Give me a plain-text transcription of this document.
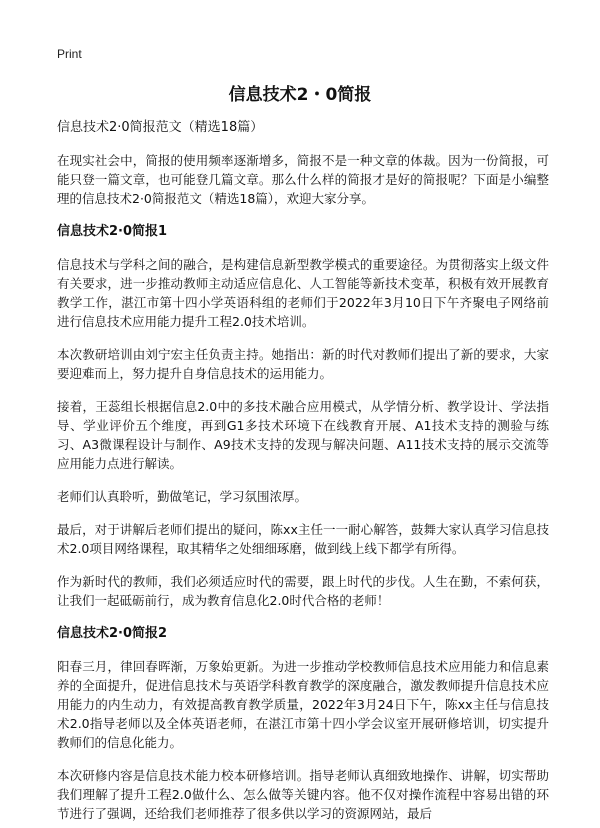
Print
信息技术2・0简报
信息技术2·0简报范文（精选18篇）

在现实社会中，简报的使用频率逐渐增多，简报不是一种文章的体裁。因为一份简报，可能只登一篇文章，也可能登几篇文章。那么什么样的简报才是好的简报呢？下面是小编整理的信息技术2·0简报范文（精选18篇），欢迎大家分享。

信息技术2·0简报1

信息技术与学科之间的融合，是构建信息新型教学模式的重要途径。为贯彻落实上级文件有关要求，进一步推动教师主动适应信息化、人工智能等新技术变革，积极有效开展教育教学工作，湛江市第十四小学英语科组的老师们于2022年3月10日下午齐聚电子网络前进行信息技术应用能力提升工程2.0技术培训。

本次教研培训由刘宁宏主任负责主持。她指出：新的时代对教师们提出了新的要求，大家要迎难而上，努力提升自身信息技术的运用能力。

接着，王蕊组长根据信息2.0中的多技术融合应用模式，从学情分析、教学设计、学法指导、学业评价五个维度，再到G1多技术环境下在线教育开展、A1技术支持的测验与练习、A3微课程设计与制作、A9技术支持的发现与解决问题、A11技术支持的展示交流等应用能力点进行解读。

老师们认真聆听，勤做笔记，学习氛围浓厚。

最后，对于讲解后老师们提出的疑问，陈xx主任一一耐心解答，鼓舞大家认真学习信息技术2.0项目网络课程，取其精华之处细细琢磨，做到线上线下都学有所得。

作为新时代的教师，我们必须适应时代的需要，跟上时代的步伐。人生在勤，不索何获，让我们一起砥砺前行，成为教育信息化2.0时代合格的老师！

信息技术2·0简报2

阳春三月，律回春晖渐，万象始更新。为进一步推动学校教师信息技术应用能力和信息素养的全面提升，促进信息技术与英语学科教育教学的深度融合，激发教师提升信息技术应用能力的内生动力，有效提高教育教学质量，2022年3月24日下午，陈xx主任与信息技术2.0指导老师以及全体英语老师，在湛江市第十四小学会议室开展研修培训，切实提升教师们的信息化能力。

本次研修内容是信息技术能力校本研修培训。指导老师认真细致地操作、讲解，切实帮助我们理解了提升工程2.0做什么、怎么做等关键内容。他不仅对操作流程中容易出错的环节进行了强调，还给我们老师推荐了很多供以学习的资源网站，最后
